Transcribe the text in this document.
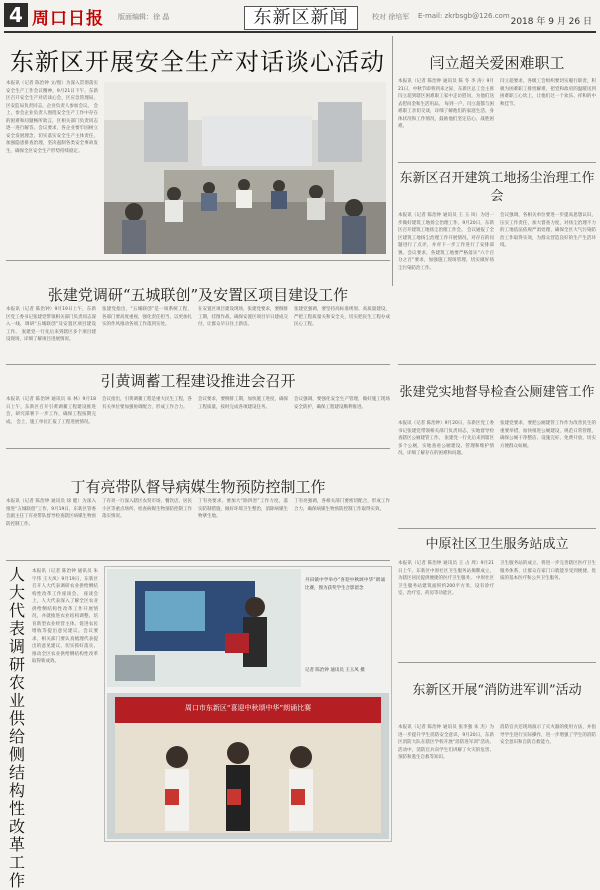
4 周口日报 版面编辑：徐 晶	东新区新闻	校对 徐培军 E-mail: zkrbsgb@126.com
2018 年 9 月 26 日
东新区开展安全生产对话谈心活动
本报讯（记者 陈治钟 文/图）为深入贯彻落实安全生产工作会议精神，9月21日下午，东新区召开安全生产对话谈心会，区应急管理局、区安监局负责同志，企业负责人参加会议。 会上，参会企业负责人围绕安全生产工作中存在的困难和问题畅所欲言，区相关部门负责同志逐一进行解答。会议要求，各企业要牢固树立安全发展理念，切实落实安全生产主体责任，加强隐患排查治理，坚决遏制各类安全事故发生，确保全区安全生产形势持续稳定。
闫立超关爱困难职工
本报讯（记者 陈治钟 通讯员 陈 冬 李 涛）9月21日，中秋节即将到来之际，东新区总工会主席闫立超到辖区困难职工家中走访慰问，为他们送去慰问金和生活用品。 每到一户，闫立超都与困难职工亲切交谈，详细了解他们的家庭生活、身体状况和工作情况，鼓励他们坚定信心、战胜困难。
闫立超要求，各级工会组织要切实履行职责，积极为困难职工排忧解难，把党和政府的温暖送到困难职工心坎上，让他们过一个欢乐、祥和的中秋佳节。
东新区召开建筑工地扬尘治理工作会
本报讯（记者 陈治钟 通讯员 王 玉 凤）为进一步做好建筑工地扬尘治理工作，9月20日，东新区召开建筑工地扬尘治理工作会。 会议通报了全区建筑工地扬尘治理工作开展情况，对存在的问题进行了点评，并对下一步工作进行了安排部署。会议要求，各建筑工地要严格落实“六个百分之百”要求，加强施工现场管理，切实做好扬尘污染防治工作。
会议强调，各相关单位要进一步提高思想认识，压实工作责任，加大督查力度，对扬尘治理不力的工地依法依规严肃处理，确保全区大气污染防治工作取得实效，为群众营造良好的生产生活环境。
张建党调研“五城联创”及安置区项目建设工作
本报讯（记者 陈治钟）9月19日上午，东新区党工委书记张建党带领相关部门负责同志深入一线，调研“五城联创”及安置区项目建设工作。 张建党一行先后来到辖区多个项目建设现场，详细了解项目进展情况。
张建党指出，“五城联创”是一项系统工程，各部门要高度重视，强化责任担当，以更加扎实的作风推动各项工作落到实处。
在安置区项目建设现场，张建党要求，要倒排工期，挂图作战，确保安置区项目早日建成交付，让群众早日住上新房。
张建党强调，要坚持高标准规划、高质量建设，严把工程质量关和安全关，切实把民生工程办成民心工程。
引黄调蓄工程建设推进会召开
本报讯（记者 陈治钟 通讯员 朱 林）9月18日上午，东新区召开引黄调蓄工程建设推进会，研究部署下一步工作，确保工程按期完成。 会上，施工单位汇报了工程进展情况。
会议指出，引黄调蓄工程是重大民生工程，各有关单位要加强协调配合，形成工作合力。
会议要求，要倒排工期，加快施工进度，确保工程质量，按时完成各项建设任务。
会议强调，要强化安全生产管理，做好施工现场安全防护，确保工程建设顺利推进。
张建党实地督导检查公厕建管工作
本报讯（记者 陈治钟）9月20日，东新区党工委书记张建党带领相关部门负责同志，实地督导检查辖区公厕建管工作。 张建党一行先后来到辖区多个公厕，实地查看公厕建设、管理和维护情况，详细了解存在的困难和问题。
张建党要求，要把公厕建管工作作为改善民生的重要举措，加快推进公厕建设，规范日常管理，确保公厕干净整洁、设施完好、免费开放，切实方便群众如厕。
丁有亮带队督导病媒生物预防控制工作
本报讯（记者 陈治钟 通讯员 徐 健）为深入推进“五城联创”工作，9月19日，东新区管委会副主任丁有亮带队督导检查辖区病媒生物预防控制工作。
丁有亮一行深入辖区农贸市场、餐饮店、居民小区等重点场所，检查病媒生物预防控制工作落实情况。
丁有亮要求，要加大“除四害”工作力度，落实防制措施，做好环境卫生整治，消除病媒生物孳生地。
丁有亮强调，各相关部门要密切配合，形成工作合力，确保病媒生物预防控制工作取得实效。
人大代表调研农业供给侧结构性改革工作
本报讯（记者 陈治钟 通讯员 朱宇伟 王大凤）9月19日，东新区召开人大代表调研农业供给侧结构性改革工作座谈会。 座谈会上，人大代表深入了解全区农业供给侧结构性改革工作开展情况，并就推进农业结构调整、培育新型农业经营主体、促进农民增收等提出意见建议。会议要求，相关部门要认真梳理代表提出的意见建议，切实抓好落实，推动全区农业供给侧结构性改革取得新成效。
周口市东新区“喜迎中秋颂中华”朗诵比赛
丹田镇中学举办“喜迎中秋颂中华”朗诵比赛，图为获奖学生合影留念
记者 陈治钟 通讯员 王玉凤 摄
中原社区卫生服务站成立
本报讯（记者 陈治钟 通讯员 王 占 周）9月21日上午，东新区中原社区卫生服务站揭牌成立，为辖区居民提供便捷的医疗卫生服务。 中原社区卫生服务站建筑面积约200平方米，设有诊疗室、治疗室、药房等功能区。
卫生服务站的成立，将进一步完善辖区医疗卫生服务体系，让群众在家门口就能享受到便捷、优质的基本医疗和公共卫生服务。
东新区开展“消防进军训”活动
本报讯（记者 陈治钟 通讯员 张李强 朱 杰）为进一步提升学生消防安全意识，9月20日，东新区消防大队在辖区学校开展“消防进军训”活动。 活动中，消防官兵向学生们讲解了火灾的危害、预防和逃生自救等知识。
消防官兵还现场演示了灭火器的使用方法，并指导学生进行实际操作，进一步增强了学生的消防安全意识和自防自救能力。
